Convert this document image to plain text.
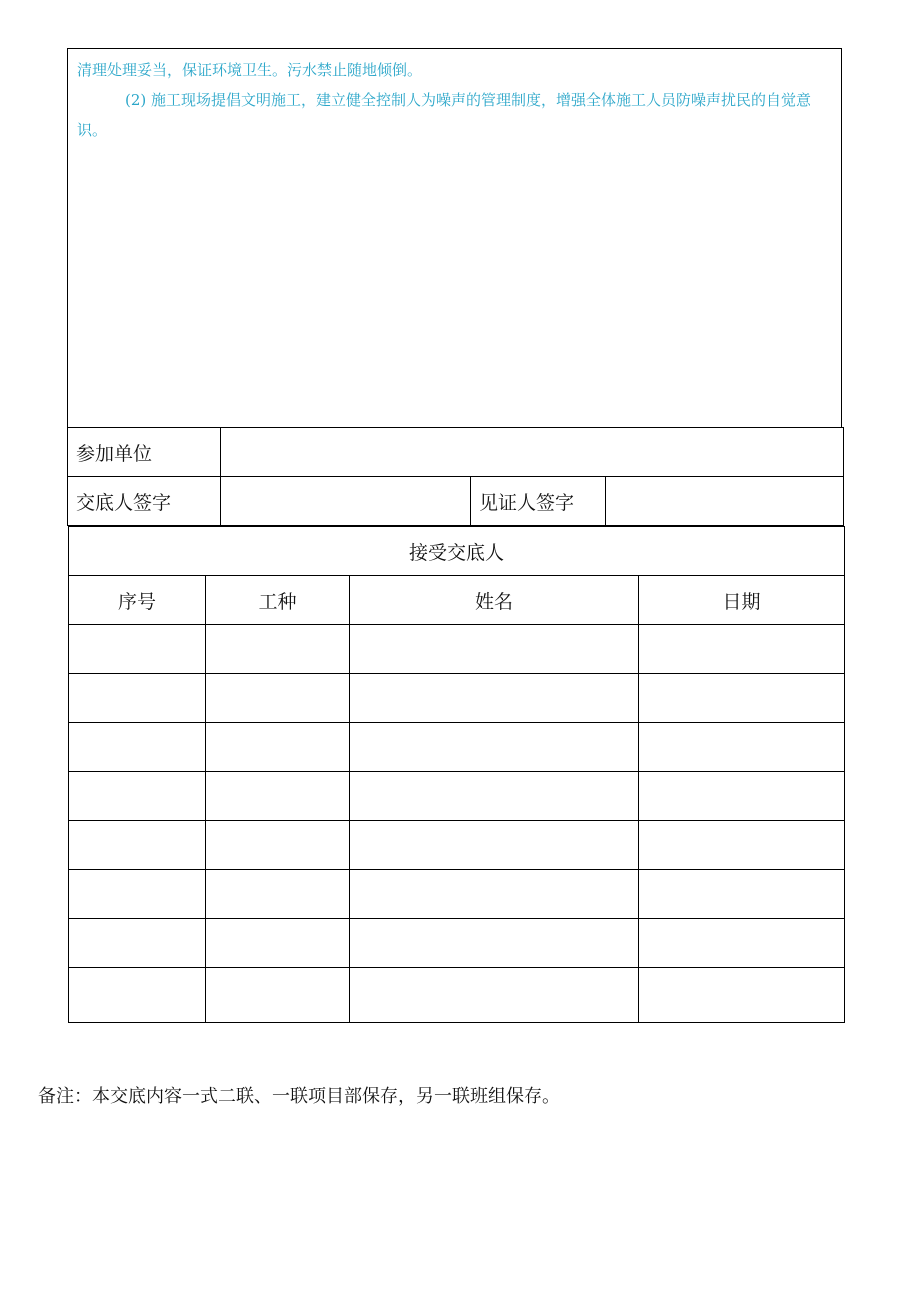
清理处理妥当，保证环境卫生。污水禁止随地倾倒。

(2) 施工现场提倡文明施工，建立健全控制人为噪声的管理制度，增强全体施工人员防噪声扰民的自觉意识。

参加单位			
交底人签字		见证人签字	
接受交底人			
序号	工种	姓名	日期

备注：本交底内容一式二联、一联项目部保存，另一联班组保存。
